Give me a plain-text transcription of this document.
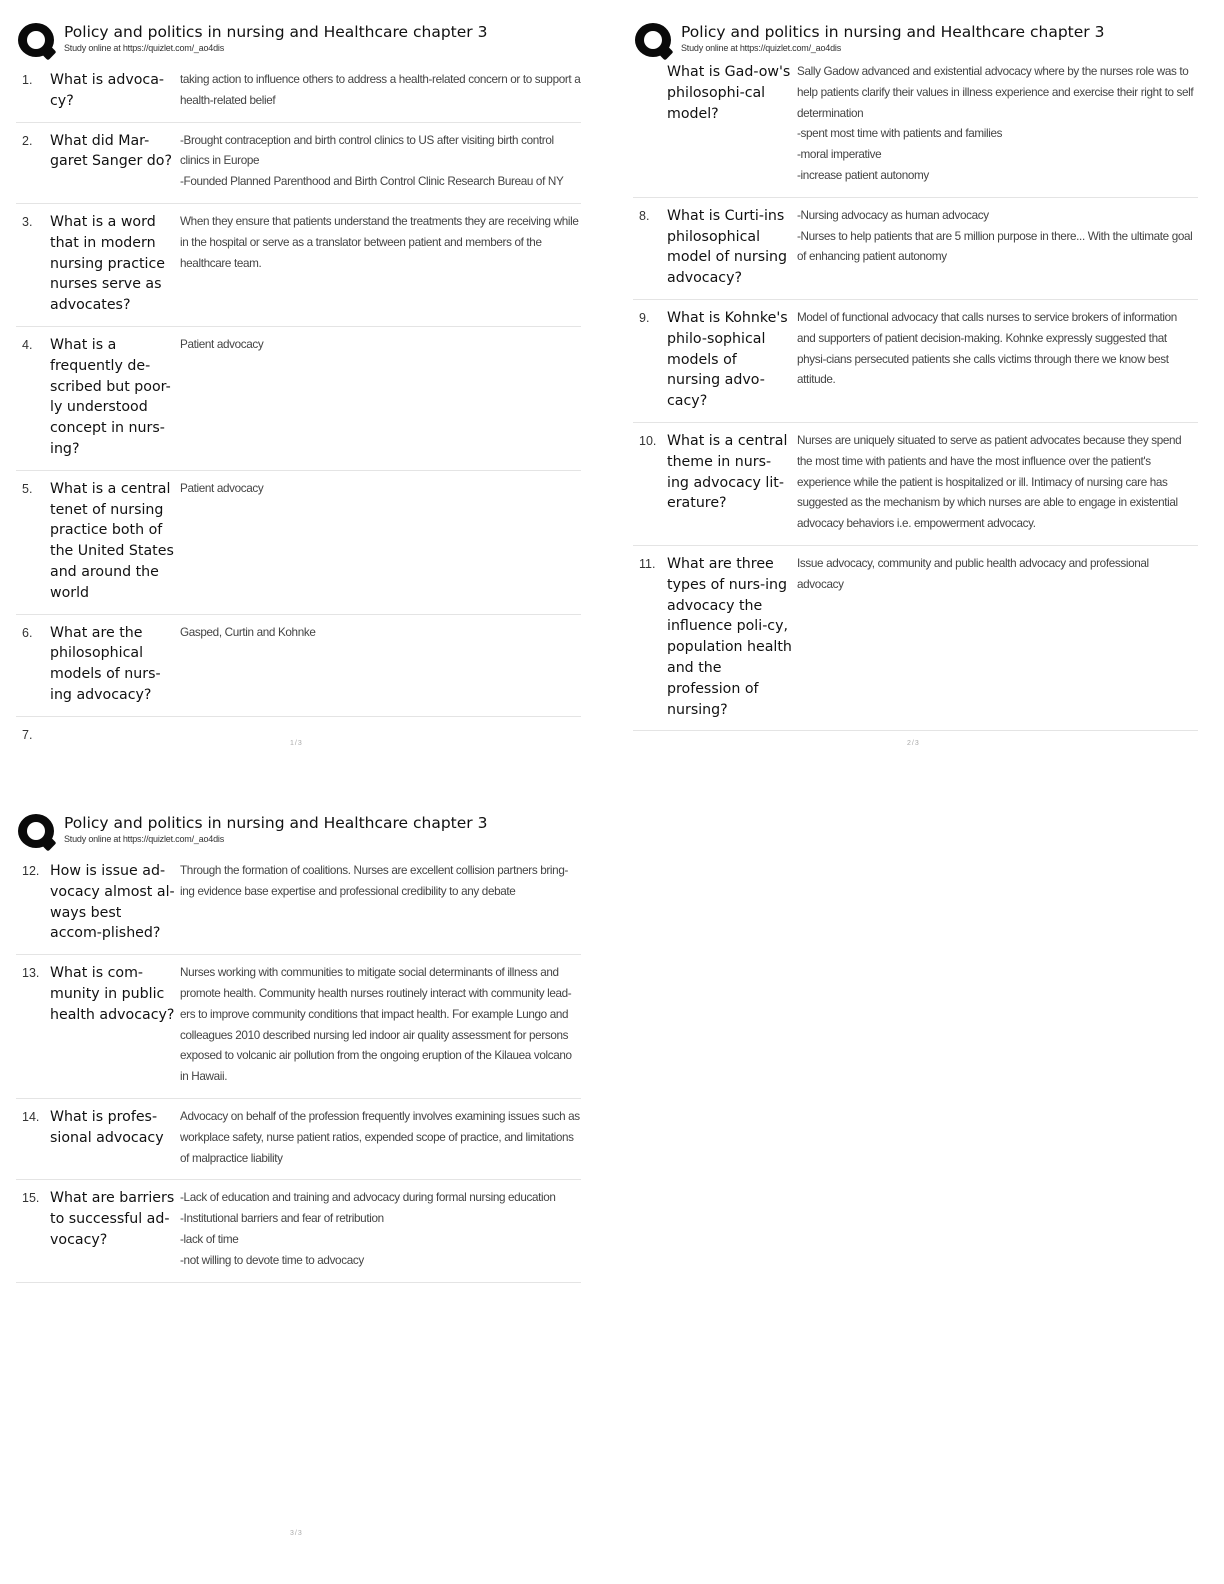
Policy and politics in nursing and Healthcare chapter 3
Study online at https://quizlet.com/_ao4dis
1.	What is advoca-cy?
taking action to influence others to address a health-related concern or to support a health-related belief
2.	What did Mar-garet Sanger do?
-Brought contraception and birth control clinics to US after visiting birth control clinics in Europe
-Founded Planned Parenthood and Birth Control Clinic Research Bureau of NY
3.	What is a word that in modern nursing practice nurses serve as advocates?
When they ensure that patients understand the treatments they are receiving while in the hospital or serve as a translator between patient and members of the healthcare team.
4.	What is a frequently de-scribed but poor-ly understood concept in nurs-ing?
Patient advocacy
5.	What is a central tenet of nursing practice both of the United States and around the world
Patient advocacy
6.	What are the philosophical models of nurs-ing advocacy?
Gasped, Curtin and Kohnke
7.
1/3
Policy and politics in nursing and Healthcare chapter 3
Study online at https://quizlet.com/_ao4dis
What is Gad-ow's philosophi-cal model?
Sally Gadow advanced and existential advocacy where by the nurses role was to help patients clarify their values in illness experience and exercise their right to self determination
-spent most time with patients and families
-moral imperative
-increase patient autonomy
8.	What is Curti-ins philosophical model of nursing advocacy?
-Nursing advocacy as human advocacy
-Nurses to help patients that are 5 million purpose in there... With the ultimate goal of enhancing patient autonomy
9.	What is Kohnke's philo-sophical models of nursing advo-cacy?
Model of functional advocacy that calls nurses to service brokers of information and supporters of patient decision-making. Kohnke expressly suggested that physi-cians persecuted patients she calls victims through there we know best attitude.
10. What is a central theme in nurs-ing advocacy lit-erature?
Nurses are uniquely situated to serve as patient advocates because they spend the most time with patients and have the most influence over the patient's experience while the patient is hospitalized or ill. Intimacy of nursing care has suggested as the mechanism by which nurses are able to engage in existential advocacy behaviors i.e. empowerment advocacy.
11. What are three types of nurs-ing advocacy the influence poli-cy, population health and the profession of nursing?
Issue advocacy, community and public health advocacy and professional advocacy
2/3
Policy and politics in nursing and Healthcare chapter 3
Study online at https://quizlet.com/_ao4dis
12. How is issue ad-vocacy almost al-ways best accom-plished?
Through the formation of coalitions. Nurses are excellent collision partners bring-ing evidence base expertise and professional credibility to any debate
13. What is com-munity in public health advocacy?
Nurses working with communities to mitigate social determinants of illness and promote health. Community health nurses routinely interact with community lead-ers to improve community conditions that impact health. For example Lungo and colleagues 2010 described nursing led indoor air quality assessment for persons exposed to volcanic air pollution from the ongoing eruption of the Kilauea volcano in Hawaii.
14. What is profes-sional advocacy
Advocacy on behalf of the profession frequently involves examining issues such as workplace safety, nurse patient ratios, expended scope of practice, and limitations of malpractice liability
15. What are barriers to successful ad-vocacy?
-Lack of education and training and advocacy during formal nursing education
-Institutional barriers and fear of retribution
-lack of time
-not willing to devote time to advocacy
3/3
